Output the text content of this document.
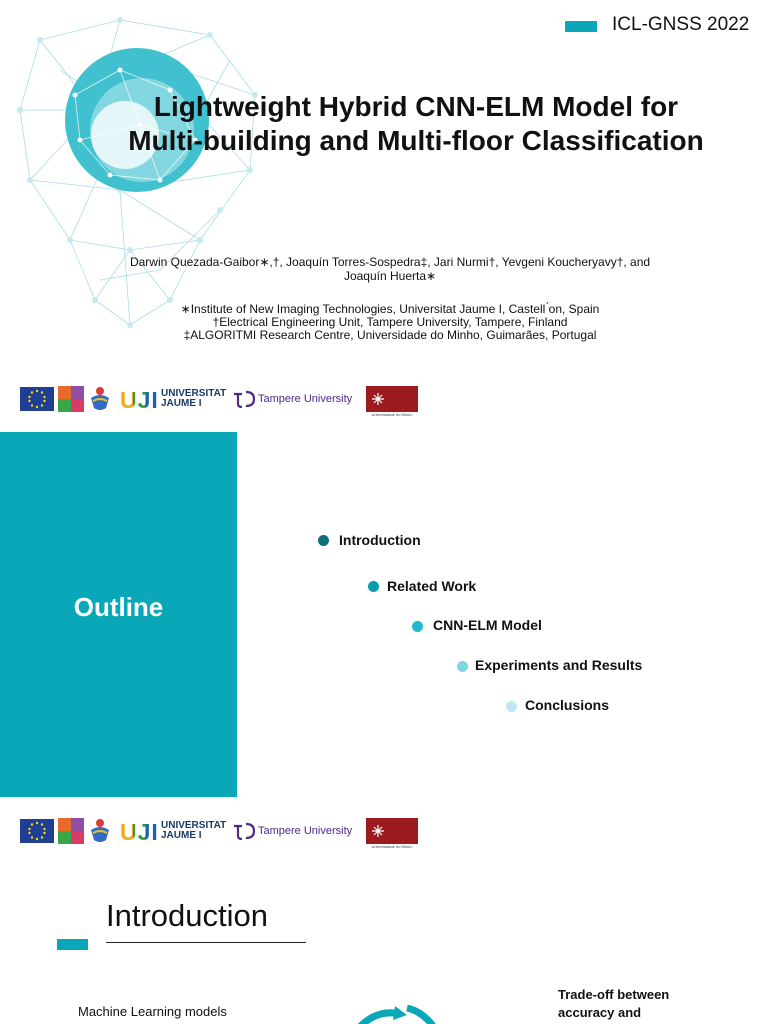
ICL-GNSS 2022
Lightweight Hybrid CNN-ELM Model for
Multi-building and Multi-floor Classification
Darwin Quezada-Gaibor∗,†, Joaquín Torres-Sospedra‡, Jari Nurmi†, Yevgeni Koucheryavy†, and
Joaquín Huerta∗
∗Institute of New Imaging Technologies, Universitat Jaume I, Castell ́on, Spain
†Electrical Engineering Unit, Tampere University, Tampere, Finland
‡ALGORITMI Research Centre, Universidade do Minho, Guimarães, Portugal
UJI UNIVERSITAT
JAUME I	Tampere University
Universidade do Minho
Outline
Introduction
Related Work
CNN-ELM Model
Experiments and Results
Conclusions
UJI UNIVERSITAT
JAUME I	Tampere University
Universidade do Minho
Introduction
Machine Learning models
Trade-off between
accuracy and
